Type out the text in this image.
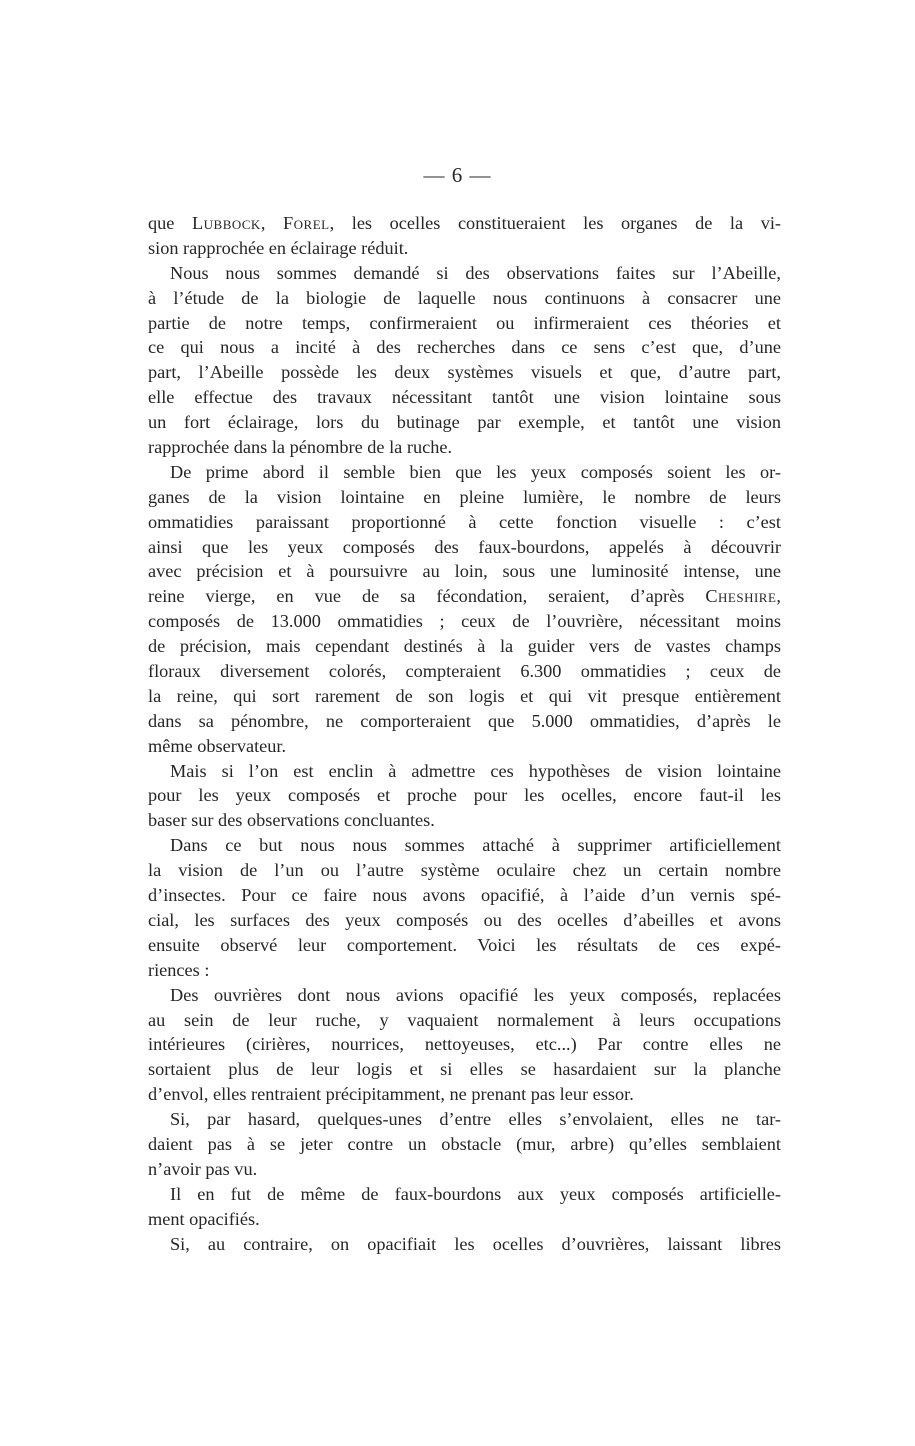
— 6 —
que Lubbock, Forel, les ocelles constitueraient les organes de la vi-
sion rapprochée en éclairage réduit.
Nous nous sommes demandé si des observations faites sur l’Abeille,
à l’étude de la biologie de laquelle nous continuons à consacrer une
partie de notre temps, confirmeraient ou infirmeraient ces théories et
ce qui nous a incité à des recherches dans ce sens c’est que, d’une
part, l’Abeille possède les deux systèmes visuels et que, d’autre part,
elle effectue des travaux nécessitant tantôt une vision lointaine sous
un fort éclairage, lors du butinage par exemple, et tantôt une vision
rapprochée dans la pénombre de la ruche.
De prime abord il semble bien que les yeux composés soient les or-
ganes de la vision lointaine en pleine lumière, le nombre de leurs
ommatidies paraissant proportionné à cette fonction visuelle : c’est
ainsi que les yeux composés des faux-bourdons, appelés à découvrir
avec précision et à poursuivre au loin, sous une luminosité intense, une
reine vierge, en vue de sa fécondation, seraient, d’après Cheshire,
composés de 13.000 ommatidies ; ceux de l’ouvrière, nécessitant moins
de précision, mais cependant destinés à la guider vers de vastes champs
floraux diversement colorés, compteraient 6.300 ommatidies ; ceux de
la reine, qui sort rarement de son logis et qui vit presque entièrement
dans sa pénombre, ne comporteraient que 5.000 ommatidies, d’après le
même observateur.
Mais si l’on est enclin à admettre ces hypothèses de vision lointaine
pour les yeux composés et proche pour les ocelles, encore faut-il les
baser sur des observations concluantes.
Dans ce but nous nous sommes attaché à supprimer artificiellement
la vision de l’un ou l’autre système oculaire chez un certain nombre
d’insectes. Pour ce faire nous avons opacifié, à l’aide d’un vernis spé-
cial, les surfaces des yeux composés ou des ocelles d’abeilles et avons
ensuite observé leur comportement. Voici les résultats de ces expé-
riences :
Des ouvrières dont nous avions opacifié les yeux composés, replacées
au sein de leur ruche, y vaquaient normalement à leurs occupations
intérieures (cirières, nourrices, nettoyeuses, etc...) Par contre elles ne
sortaient plus de leur logis et si elles se hasardaient sur la planche
d’envol, elles rentraient précipitamment, ne prenant pas leur essor.
Si, par hasard, quelques-unes d’entre elles s’envolaient, elles ne tar-
daient pas à se jeter contre un obstacle (mur, arbre) qu’elles semblaient
n’avoir pas vu.
Il en fut de même de faux-bourdons aux yeux composés artificielle-
ment opacifiés.
Si, au contraire, on opacifiait les ocelles d’ouvrières, laissant libres
